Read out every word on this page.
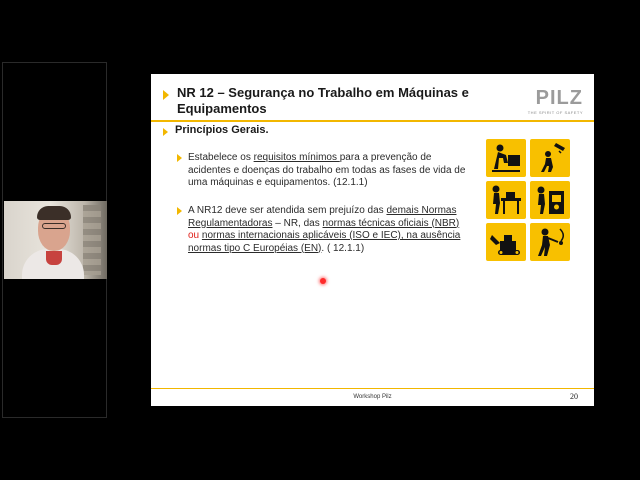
NR 12 – Segurança no Trabalho em Máquinas e Equipamentos	PILZ
THE SPIRIT OF SAFETY
Princípios Gerais.
Estabelece os requisitos mínimos para a prevenção de acidentes e doenças do trabalho em todas as fases de vida de uma máquinas e equipamentos. (12.1.1)
A NR12 deve ser atendida sem prejuízo das demais Normas Regulamentadoras – NR, das normas técnicas oficiais (NBR) ou normas internacionais aplicáveis (ISO e IEC), na ausência normas tipo C Européias (EN). ( 12.1.1)
Workshop Pilz	20
